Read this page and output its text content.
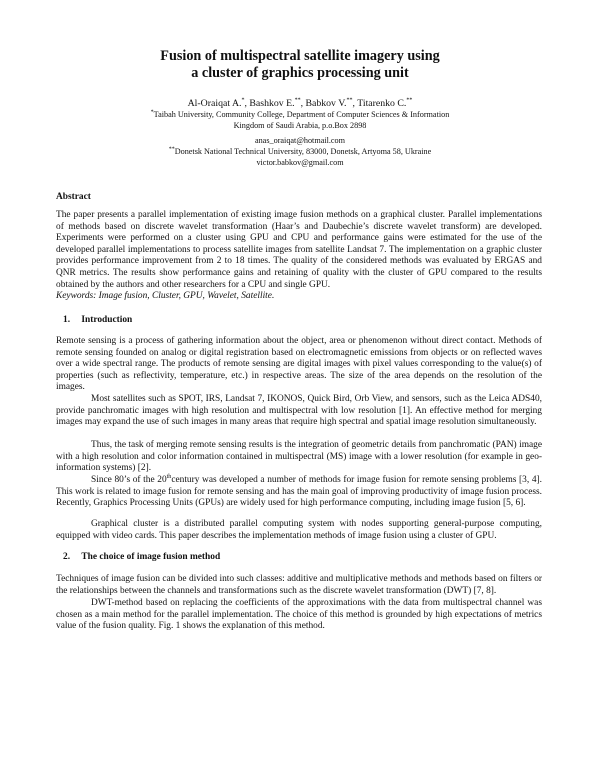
Fusion of multispectral satellite imagery using
a cluster of graphics processing unit
Al-Oraiqat A.*, Bashkov E.**, Babkov V.**, Titarenko C.**
*Taibah University, Community College, Department of Computer Sciences & Information
Kingdom of Saudi Arabia, p.o.Box 2898
anas_oraiqat@hotmail.com
**Donetsk National Technical University, 83000, Donetsk, Artyoma 58, Ukraine
victor.babkov@gmail.com
Abstract

The paper presents a parallel implementation of existing image fusion methods on a graphical cluster. Parallel implementations of methods based on discrete wavelet transformation (Haar’s and Daubechie’s discrete wavelet transform) are developed. Experiments were performed on a cluster using GPU and CPU and performance gains were estimated for the use of the developed parallel implementations to process satellite images from satellite Landsat 7. The implementation on a graphic cluster provides performance improvement from 2 to 18 times. The quality of the considered methods was evaluated by ERGAS and QNR metrics. The results show performance gains and retaining of quality with the cluster of GPU compared to the results obtained by the authors and other researchers for a CPU and single GPU.

Keywords: Image fusion, Cluster, GPU, Wavelet, Satellite.

1. Introduction

Remote sensing is a process of gathering information about the object, area or phenomenon without direct contact. Methods of remote sensing founded on analog or digital registration based on electromagnetic emissions from objects or on reflected waves over a wide spectral range. The products of remote sensing are digital images with pixel values corresponding to the value(s) of properties (such as reflectivity, temperature, etc.) in respective areas. The size of the area depends on the resolution of the images.

Most satellites such as SPOT, IRS, Landsat 7, IKONOS, Quick Bird, Orb View, and sensors, such as the Leica ADS40, provide panchromatic images with high resolution and multispectral with low resolution [1]. An effective method for merging images may expand the use of such images in many areas that require high spectral and spatial image resolution simultaneously.

Thus, the task of merging remote sensing results is the integration of geometric details from panchromatic (PAN) image with a high resolution and color information contained in multispectral (MS) image with a lower resolution (for example in geo-information systems) [2].

Since 80’s of the 20thcentury was developed a number of methods for image fusion for remote sensing problems [3, 4]. This work is related to image fusion for remote sensing and has the main goal of improving productivity of image fusion process. Recently, Graphics Processing Units (GPUs) are widely used for high performance computing, including image fusion [5, 6].

Graphical cluster is a distributed parallel computing system with nodes supporting general-purpose computing, equipped with video cards. This paper describes the implementation methods of image fusion using a cluster of GPU.

2. The choice of image fusion method

Techniques of image fusion can be divided into such classes: additive and multiplicative methods and methods based on filters or the relationships between the channels and transformations such as the discrete wavelet transformation (DWT) [7, 8].

DWT-method based on replacing the coefficients of the approximations with the data from multispectral channel was chosen as a main method for the parallel implementation. The choice of this method is grounded by high expectations of metrics value of the fusion quality. Fig. 1 shows the explanation of this method.
